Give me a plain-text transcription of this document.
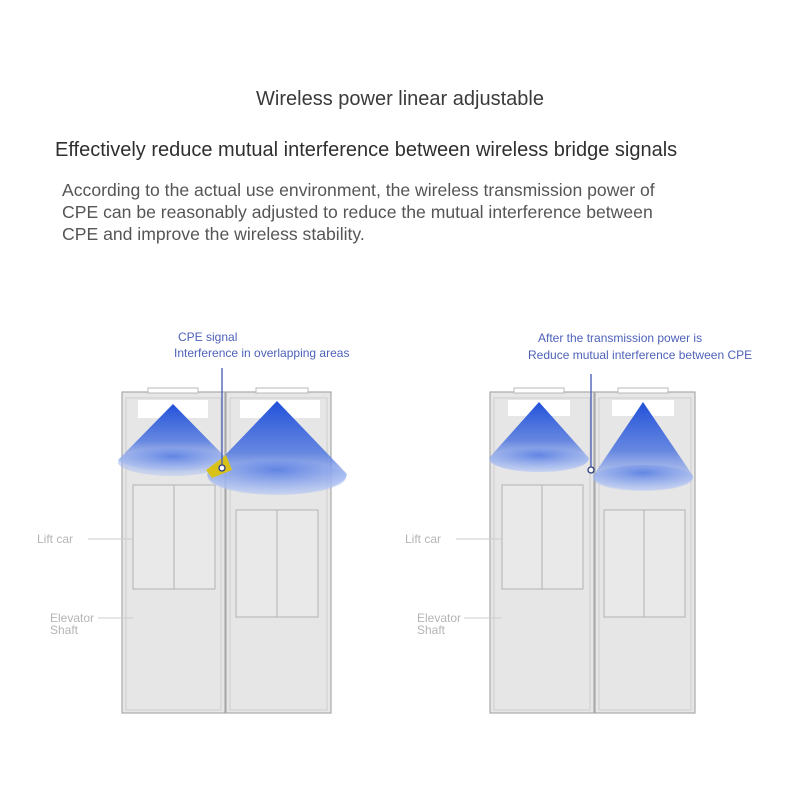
Wireless power linear adjustable
Effectively reduce mutual interference between wireless bridge signals
According to the actual use environment, the wireless transmission power of
CPE can be reasonably adjusted to reduce the mutual interference between
CPE and improve the wireless stability.
CPE signal
Interference in overlapping areas
Lift car
Elevator
Shaft
After the transmission power is
Reduce mutual interference between CPE
Lift car
Elevator
Shaft
